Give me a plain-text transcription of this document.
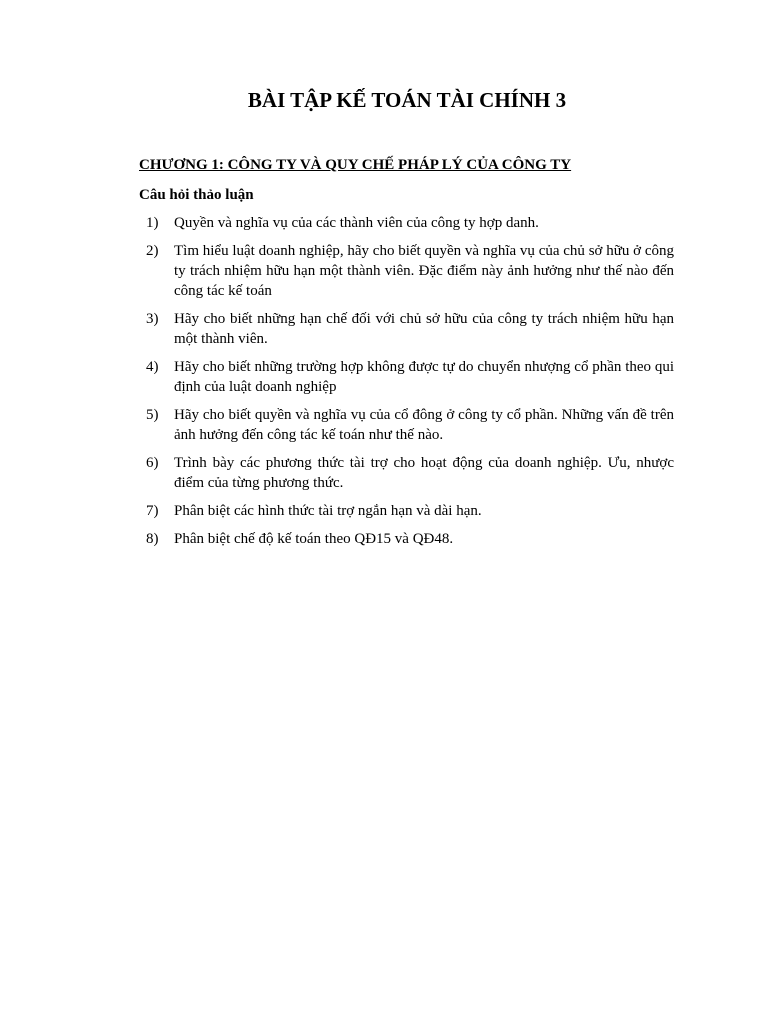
BÀI TẬP KẾ TOÁN TÀI CHÍNH 3
CHƯƠNG 1: CÔNG TY VÀ QUY CHẾ PHÁP LÝ CỦA CÔNG TY
Câu hỏi thảo luận
1)	Quyền và nghĩa vụ của các thành viên của công ty hợp danh.
2)	Tìm hiểu luật doanh nghiệp, hãy cho biết quyền và nghĩa vụ của chủ sở hữu ở công ty trách nhiệm hữu hạn một thành viên. Đặc điểm này ảnh hưởng như thế nào đến công tác kế toán
3)	Hãy cho biết những hạn chế đối với chủ sở hữu của công ty trách nhiệm hữu hạn một thành viên.
4)	Hãy cho biết những trường hợp không được tự do chuyển nhượng cổ phần theo qui định của luật doanh nghiệp
5)	Hãy cho biết quyền và nghĩa vụ của cổ đông ở công ty cổ phần. Những vấn đề trên ảnh hưởng đến công tác kế toán như thế nào.
6)	Trình bày các phương thức tài trợ cho hoạt động của doanh nghiệp. Ưu, nhược điểm của từng phương thức.
7)	Phân biệt các hình thức tài trợ ngắn hạn và dài hạn.
8)	Phân biệt chế độ kế toán theo QĐ15 và QĐ48.
